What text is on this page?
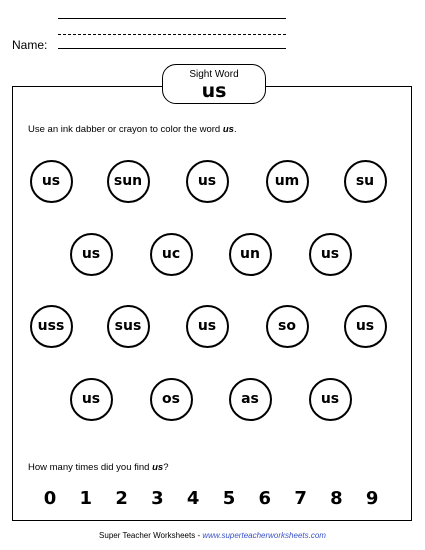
Name:
Sight Word
us
Use an ink dabber or crayon to color the word us.
us	sun	us	um	su
us	uc	un	us
uss	sus	us	so	us
us	os	as	us
How many times did you find us?
0 1 2 3 4 5 6 7 8 9
Super Teacher Worksheets - www.superteacherworksheets.com
